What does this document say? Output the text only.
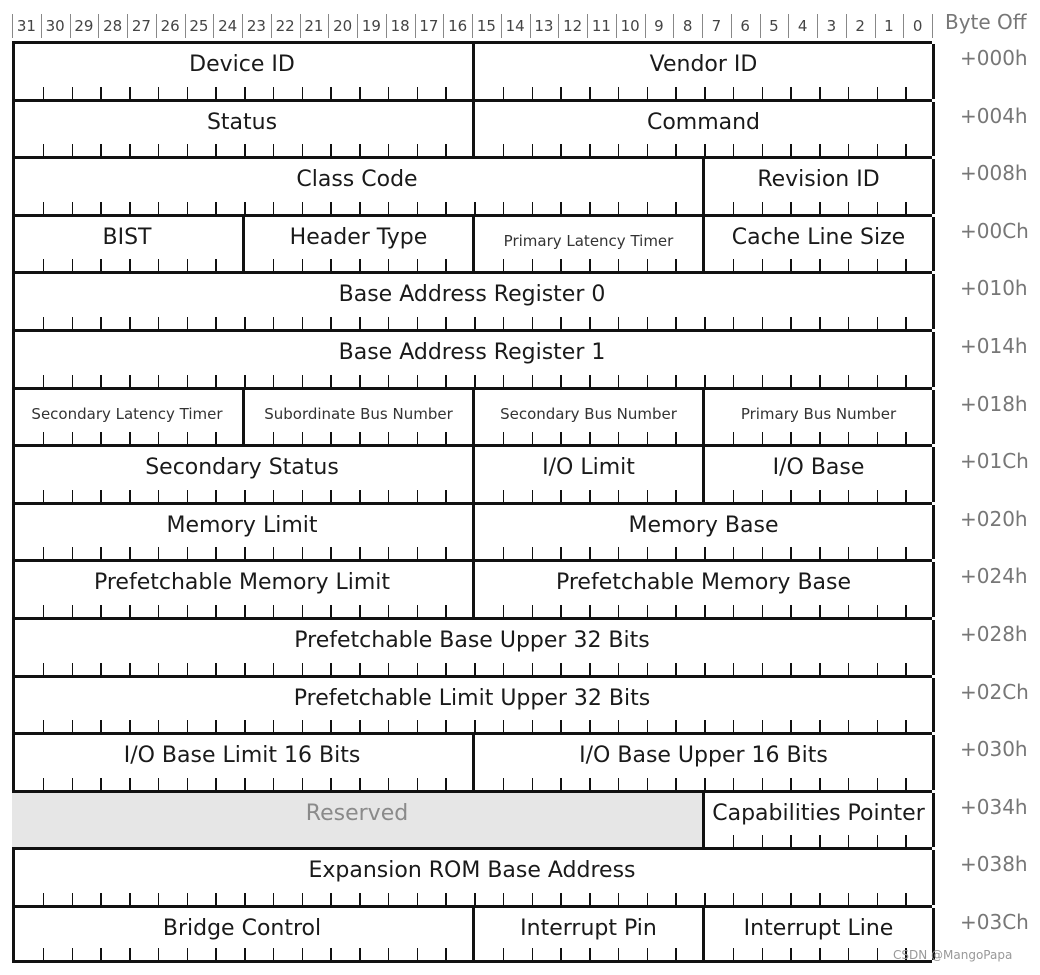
31 30 29 28 27 26 25 24 23 22 21 20 19 18 17 16 15 14 13 12 11 10 9	8	7	6	5	4	3	2	1	0	Byte Off
Device ID	Vendor ID	+000h
Status	Command	+004h
Class Code	Revision ID	+008h
BIST	Header Type	Primary Latency Timer	Cache Line Size	+00Ch
Base Address Register 0	+010h
Base Address Register 1	+014h
Secondary Latency Timer	Subordinate Bus Number	Secondary Bus Number	Primary Bus Number	+018h
Secondary Status	I/O Limit	I/O Base	+01Ch
Memory Limit	Memory Base	+020h
Prefetchable Memory Limit	Prefetchable Memory Base	+024h
Prefetchable Base Upper 32 Bits	+028h
Prefetchable Limit Upper 32 Bits	+02Ch
I/O Base Limit 16 Bits	I/O Base Upper 16 Bits	+030h
Reserved	Capabilities Pointer	+034h
Expansion ROM Base Address	+038h
Bridge Control	Interrupt Pin	Interrupt Line	+03Ch
CSDN @MangoPapa
